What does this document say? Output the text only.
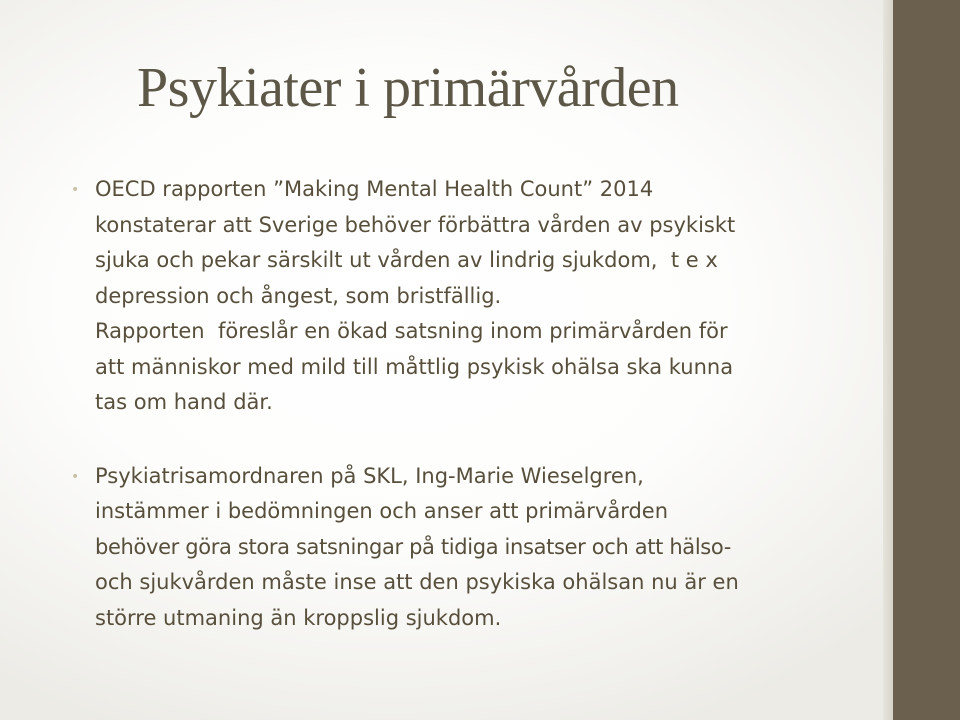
Psykiater i primärvården
• OECD rapporten ”Making Mental Health Count” 2014
konstaterar att Sverige behöver förbättra vården av psykiskt
sjuka och pekar särskilt ut vården av lindrig sjukdom,  t e x
depression och ångest, som bristfällig.
Rapporten  föreslår en ökad satsning inom primärvården för
att människor med mild till måttlig psykisk ohälsa ska kunna
tas om hand där.
• Psykiatrisamordnaren på SKL, Ing-Marie Wieselgren,
instämmer i bedömningen och anser att primärvården
behöver göra stora satsningar på tidiga insatser och att hälso-
och sjukvården måste inse att den psykiska ohälsan nu är en
större utmaning än kroppslig sjukdom.
